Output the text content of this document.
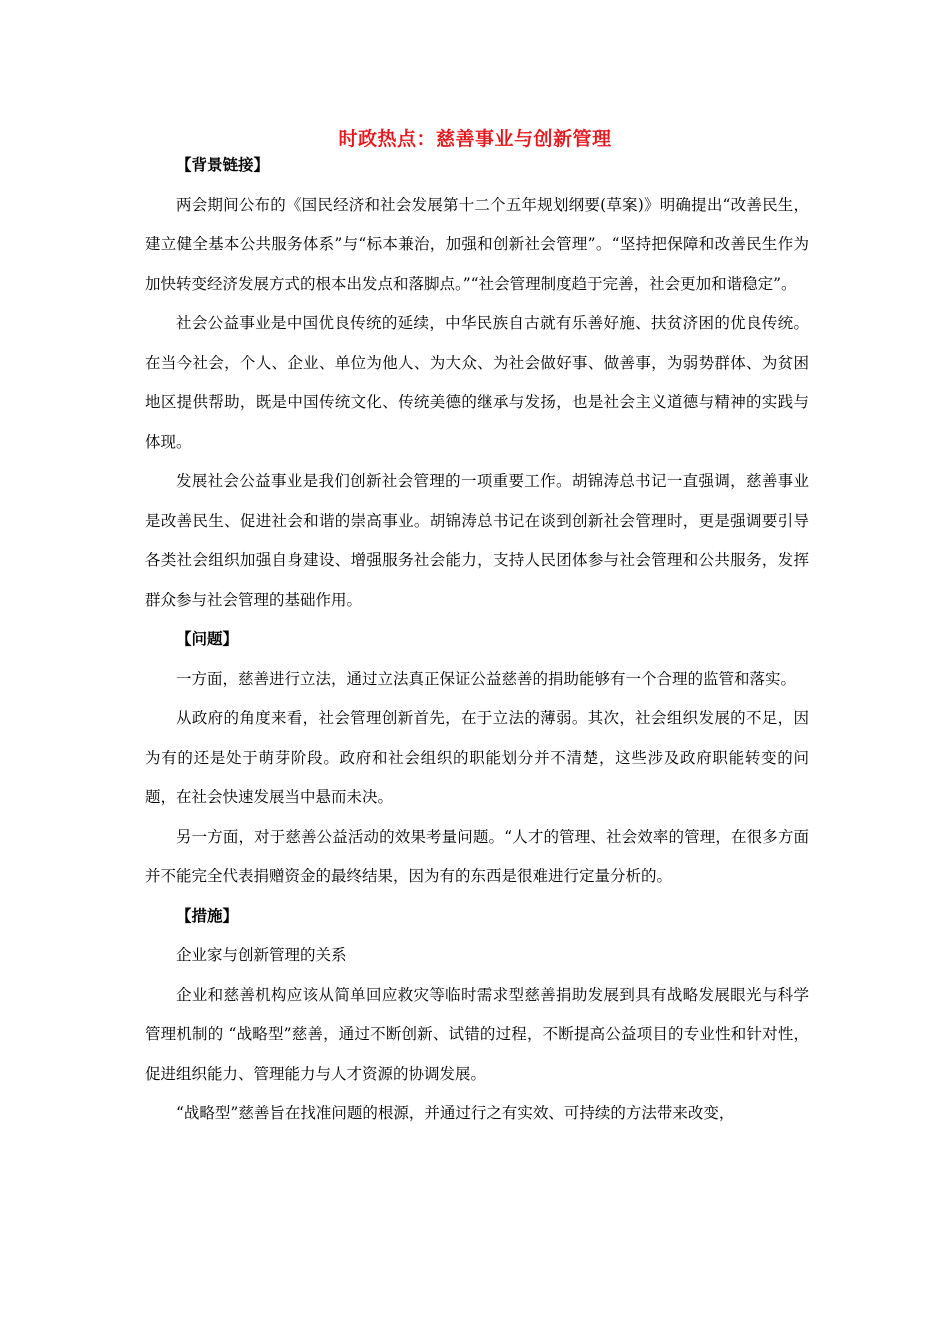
时政热点：慈善事业与创新管理

【背景链接】

两会期间公布的《国民经济和社会发展第十二个五年规划纲要(草案)》明确提出“改善民生，建立健全基本公共服务体系”与“标本兼治，加强和创新社会管理”。“坚持把保障和改善民生作为加快转变经济发展方式的根本出发点和落脚点。”“社会管理制度趋于完善，社会更加和谐稳定”。

社会公益事业是中国优良传统的延续，中华民族自古就有乐善好施、扶贫济困的优良传统。在当今社会，个人、企业、单位为他人、为大众、为社会做好事、做善事，为弱势群体、为贫困地区提供帮助，既是中国传统文化、传统美德的继承与发扬，也是社会主义道德与精神的实践与体现。

发展社会公益事业是我们创新社会管理的一项重要工作。胡锦涛总书记一直强调，慈善事业是改善民生、促进社会和谐的崇高事业。胡锦涛总书记在谈到创新社会管理时，更是强调要引导各类社会组织加强自身建设、增强服务社会能力，支持人民团体参与社会管理和公共服务，发挥群众参与社会管理的基础作用。

【问题】

一方面，慈善进行立法，通过立法真正保证公益慈善的捐助能够有一个合理的监管和落实。

从政府的角度来看，社会管理创新首先，在于立法的薄弱。其次，社会组织发展的不足，因为有的还是处于萌芽阶段。政府和社会组织的职能划分并不清楚，这些涉及政府职能转变的问题，在社会快速发展当中悬而未决。

另一方面，对于慈善公益活动的效果考量问题。“人才的管理、社会效率的管理，在很多方面并不能完全代表捐赠资金的最终结果，因为有的东西是很难进行定量分析的。

【措施】

企业家与创新管理的关系

企业和慈善机构应该从简单回应救灾等临时需求型慈善捐助发展到具有战略发展眼光与科学管理机制的 “战略型”慈善，通过不断创新、试错的过程，不断提高公益项目的专业性和针对性，促进组织能力、管理能力与人才资源的协调发展。

“战略型”慈善旨在找准问题的根源，并通过行之有实效、可持续的方法带来改变，
